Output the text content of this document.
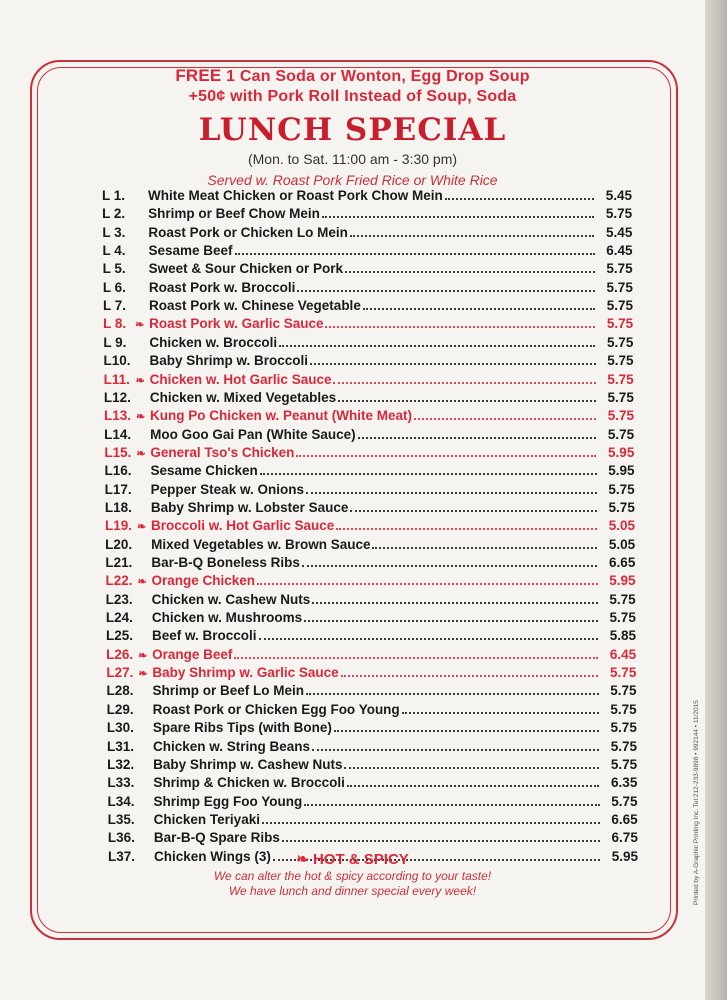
FREE 1 Can Soda or Wonton, Egg Drop Soup
+50¢ with Pork Roll Instead of Soup, Soda
LUNCH SPECIAL
(Mon. to Sat. 11:00 am - 3:30 pm)
Served w. Roast Pork Fried Rice or White Rice
L 1.	White Meat Chicken or Roast Pork Chow Mein	5.45
L 2.	Shrimp or Beef Chow Mein	5.75
L 3.	Roast Pork or Chicken Lo Mein	5.45
L 4.	Sesame Beef	6.45
L 5.	Sweet & Sour Chicken or Pork	5.75
L 6.	Roast Pork w. Broccoli	5.75
L 7.	Roast Pork w. Chinese Vegetable	5.75
L 8. ❧ Roast Pork w. Garlic Sauce	5.75
L 9.	Chicken w. Broccoli	5.75
L10.	Baby Shrimp w. Broccoli	5.75
L11. ❧ Chicken w. Hot Garlic Sauce	5.75
L12.	Chicken w. Mixed Vegetables	5.75
L13. ❧ Kung Po Chicken w. Peanut (White Meat)	5.75
L14.	Moo Goo Gai Pan (White Sauce)	5.75
L15. ❧ General Tso's Chicken	5.95
L16.	Sesame Chicken	5.95
L17.	Pepper Steak w. Onions	5.75
L18.	Baby Shrimp w. Lobster Sauce	5.75
L19. ❧ Broccoli w. Hot Garlic Sauce	5.05
L20.	Mixed Vegetables w. Brown Sauce	5.05
L21.	Bar-B-Q Boneless Ribs	6.65
L22. ❧ Orange Chicken	5.95
L23.	Chicken w. Cashew Nuts	5.75
L24.	Chicken w. Mushrooms	5.75
L25.	Beef w. Broccoli	5.85
L26. ❧ Orange Beef	6.45
L27. ❧ Baby Shrimp w. Garlic Sauce	5.75
L28.	Shrimp or Beef Lo Mein	5.75
L29.	Roast Pork or Chicken Egg Foo Young	5.75
L30.	Spare Ribs Tips (with Bone)	5.75
L31.	Chicken w. String Beans	5.75
L32.	Baby Shrimp w. Cashew Nuts	5.75
L33.	Shrimp & Chicken w. Broccoli	6.35
L34.	Shrimp Egg Foo Young	5.75
L35.	Chicken Teriyaki	6.65
L36.	Bar-B-Q Spare Ribs	6.75
L37.	Chicken Wings (3)	5.95
❧ HOT & SPICY
We can alter the hot & spicy according to your taste!
We have lunch and dinner special every week!	Printed by A-Graphic Printing Inc. Tel:212-233-9898 • 992144 • 11/2015
